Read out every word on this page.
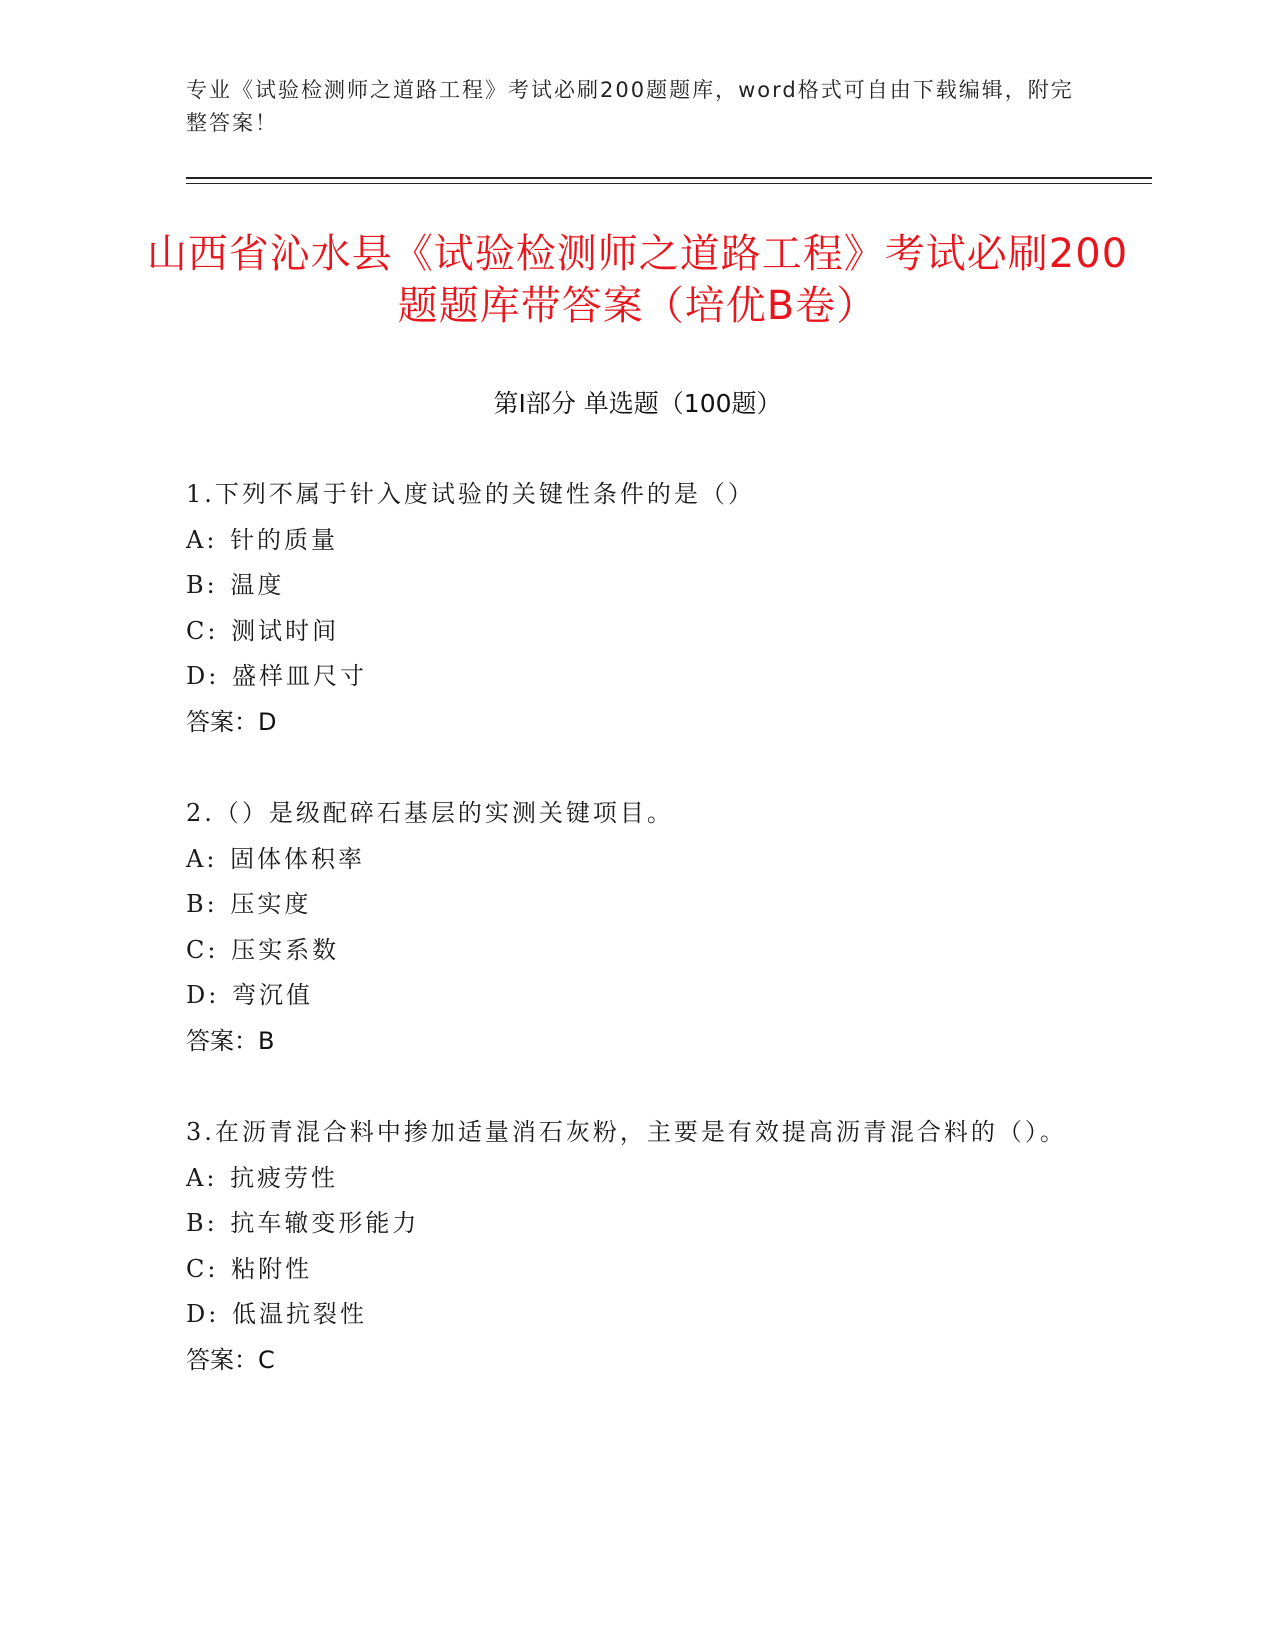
专业《试验检测师之道路工程》考试必刷200题题库，word格式可自由下载编辑，附完整答案！
山西省沁水县《试验检测师之道路工程》考试必刷200题题库带答案（培优B卷）
第Ⅰ部分 单选题（100题）
1.下列不属于针入度试验的关键性条件的是（）
A: 针的质量
B: 温度
C: 测试时间
D: 盛样皿尺寸
答案：D
2.（）是级配碎石基层的实测关键项目。
A: 固体体积率
B: 压实度
C: 压实系数
D: 弯沉值
答案：B
3.在沥青混合料中掺加适量消石灰粉，主要是有效提高沥青混合料的（）。
A: 抗疲劳性
B: 抗车辙变形能力
C: 粘附性
D: 低温抗裂性
答案：C
